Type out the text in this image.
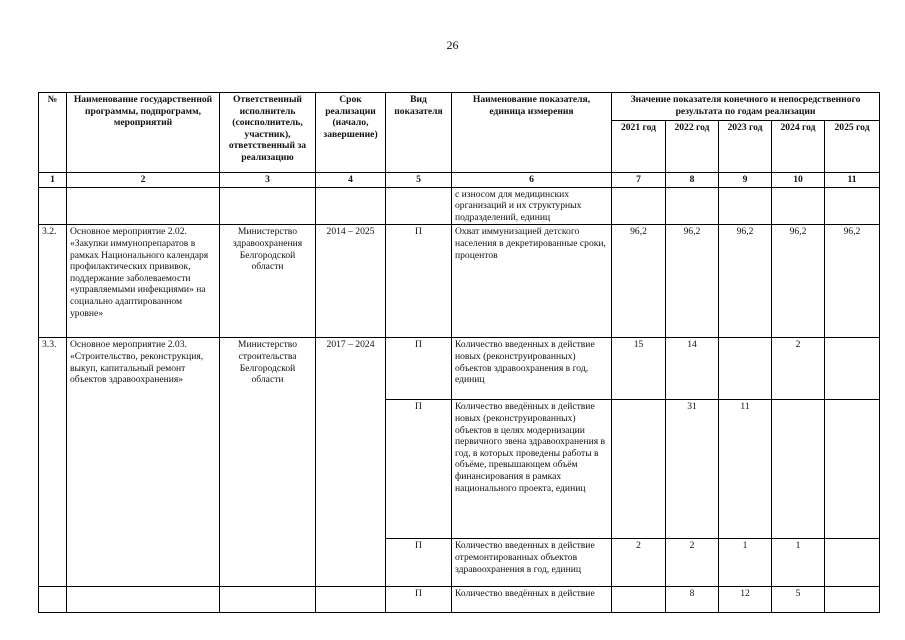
26
№	Наименование государственной программы, подпрограмм, мероприятий	Ответственный исполнитель (соисполнитель, участник), ответственный за реализацию	Срок реализации (начало, завершение)	Вид показателя	Наименование показателя, единица измерения	Значение показателя конечного и непосредственного результата по годам реализации				
						2021 год	2022 год	2023 год	2024 год	2025 год
1	2	3	4	5	6	7	8	9	10	11
					с износом для медицинских организаций и их структурных подразделений, единиц					
3.2.	Основное мероприятие 2.02. «Закупки иммунопрепаратов в рамках Национального календаря профилактических прививок, поддержание заболеваемости «управляемыми инфекциями» на социально адаптированном уровне»	Министерство здравоохранения Белгородской области	2014 – 2025	П	Охват иммунизацией детского населения в декретированные сроки, процентов	96,2	96,2	96,2	96,2	96,2
3.3.	Основное мероприятие 2.03. «Строительство, реконструкция, выкуп, капитальный ремонт объектов здравоохранения»	Министерство строительства Белгородской области	2017 – 2024	П	Количество введенных в действие новых (реконструированных) объектов здравоохранения в год, единиц	15	14		2	
				П	Количество введённых в действие новых (реконструированных) объектов в целях модернизации первичного звена здравоохранения в год, в которых проведены работы в объёме, превышающем объём финансирования в рамках национального проекта, единиц		31	11		
				П	Количество введенных в действие отремонтированных объектов здравоохранения в год, единиц	2	2	1	1	
				П	Количество введённых в действие		8	12	5	
